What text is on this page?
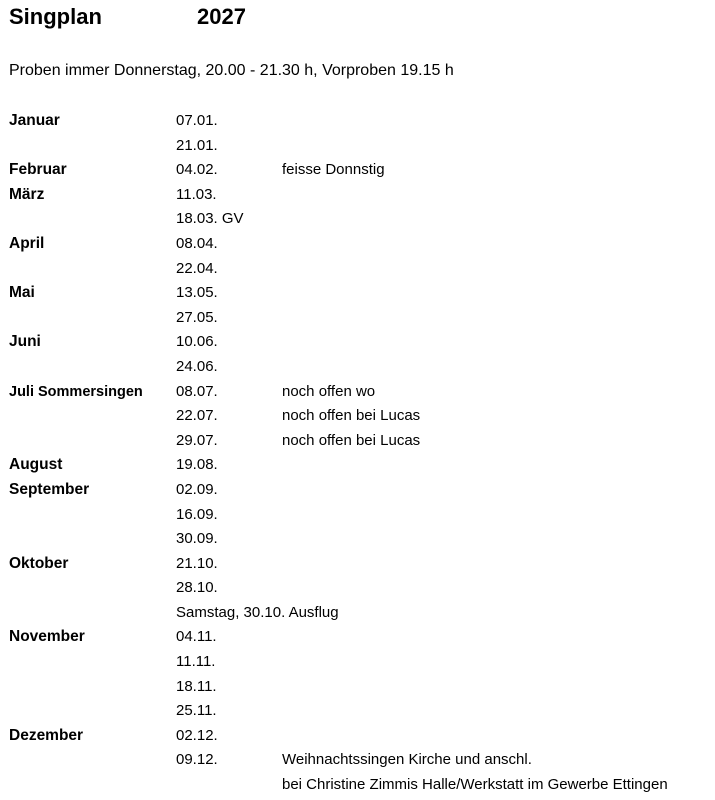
Singplan	2027
Proben immer Donnerstag, 20.00 - 21.30 h, Vorproben 19.15 h
Januar	07.01.
21.01.
Februar	04.02.	feisse Donnstig
März	11.03.
18.03. GV
April	08.04.
22.04.
Mai	13.05.
27.05.
Juni	10.06.
24.06.
Juli Sommersingen 08.07.	noch offen wo
22.07.	noch offen bei Lucas
29.07.	noch offen bei Lucas
August	19.08.
September	02.09.
16.09.
30.09.
Oktober	21.10.
28.10.
Samstag, 30.10. Ausflug
November	04.11.
11.11.
18.11.
25.11.
Dezember	02.12.
09.12.	Weihnachtssingen Kirche und anschl.
bei Christine Zimmis Halle/Werkstatt im Gewerbe Ettingen
